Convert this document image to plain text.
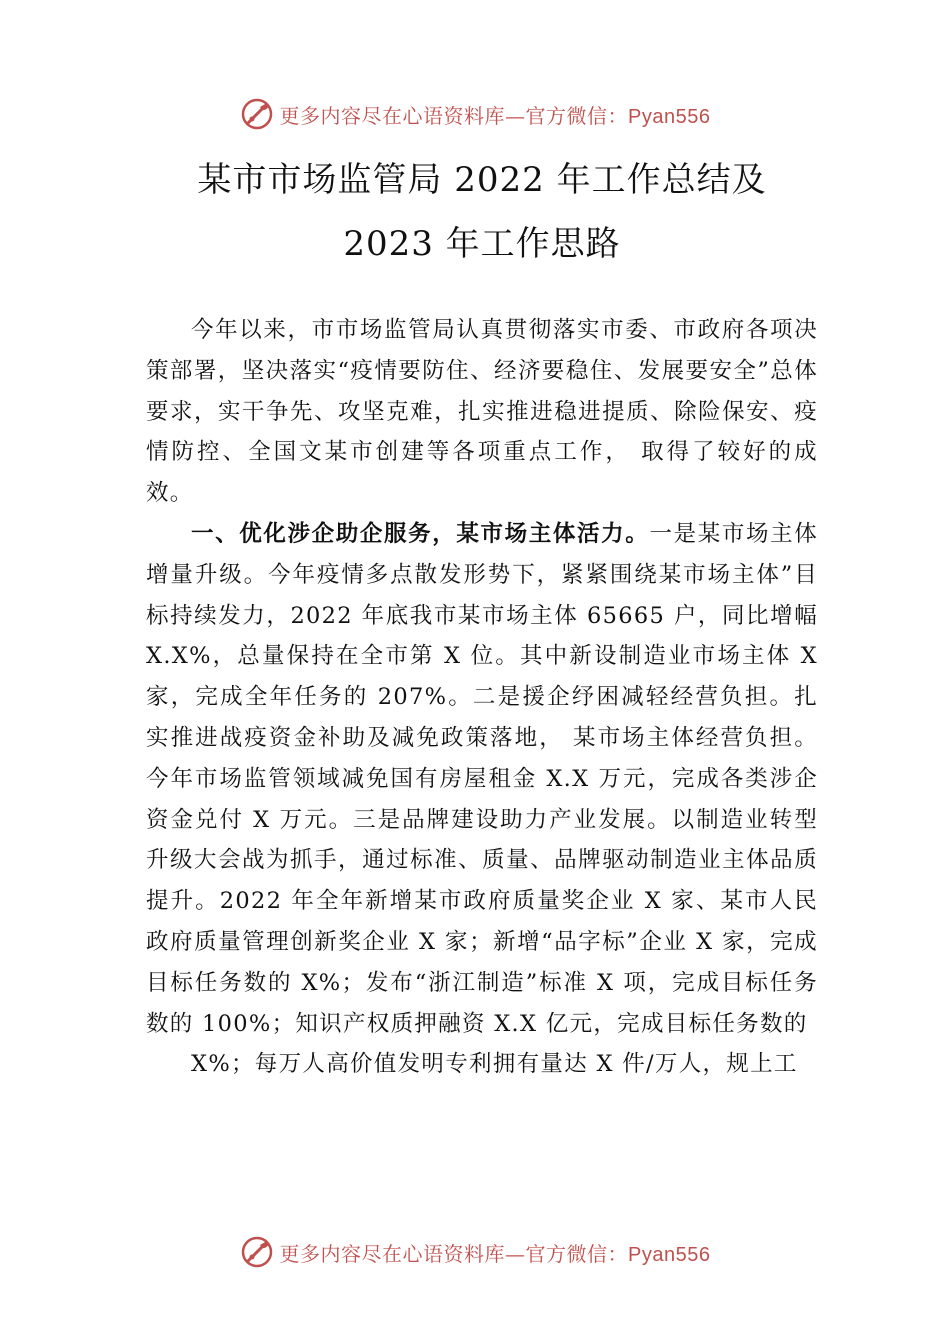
更多内容尽在心语资料库—官方微信：Pyan556
某市市场监管局 2022 年工作总结及 2023 年工作思路

今年以来，市市场监管局认真贯彻落实市委、市政府各项决策部署，坚决落实“疫情要防住、经济要稳住、发展要安全”总体要求，实干争先、攻坚克难，扎实推进稳进提质、除险保安、疫情防控、全国文某市创建等各项重点工作， 取得了较好的成效。

一、优化涉企助企服务，某市场主体活力。一是某市场主体增量升级。今年疫情多点散发形势下，紧紧围绕某市场主体”目标持续发力，2022 年底我市某市场主体 65665 户，同比增幅 X.X%，总量保持在全市第 X 位。其中新设制造业市场主体 X 家，完成全年任务的 207%。二是援企纾困减轻经营负担。扎实推进战疫资金补助及减免政策落地， 某市场主体经营负担。今年市场监管领域减免国有房屋租金 X.X 万元，完成各类涉企资金兑付 X 万元。三是品牌建设助力产业发展。以制造业转型升级大会战为抓手，通过标准、质量、品牌驱动制造业主体品质提升。2022 年全年新增某市政府质量奖企业 X 家、某市人民政府质量管理创新奖企业 X 家；新增“品字标”企业 X 家，完成目标任务数的 X%；发布“浙江制造”标准 X 项，完成目标任务数的 100%；知识产权质押融资 X.X 亿元，完成目标任务数的

X%；每万人高价值发明专利拥有量达 X 件/万人，规上工

更多内容尽在心语资料库—官方微信：Pyan556
